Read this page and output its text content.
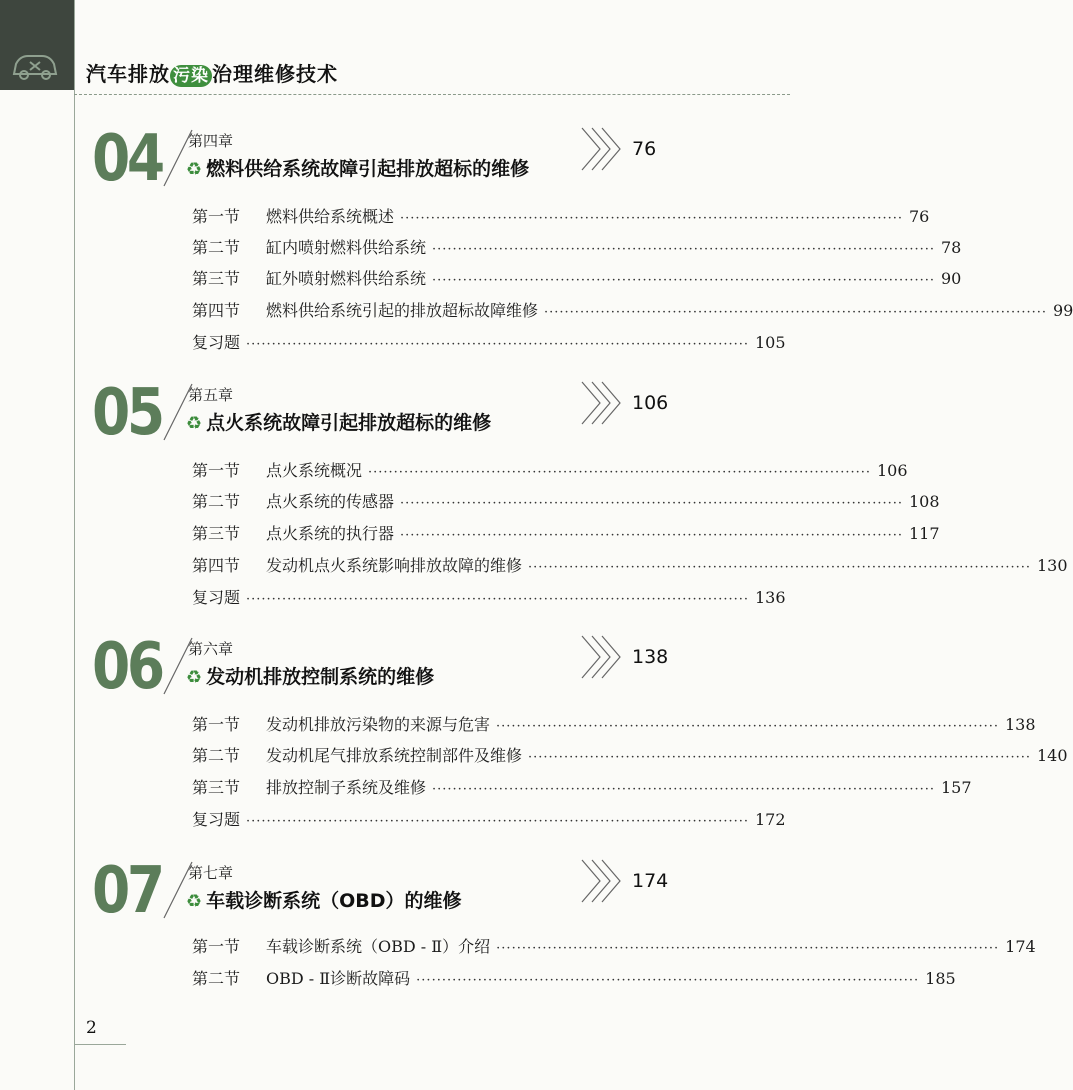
汽车排放 污染 治理维修技术
04 第四章
♻ 燃料供给系统故障引起排放超标的维修
76
第一节	燃料供给系统概述 ·································································································· 76
第二节	缸内喷射燃料供给系统 ·································································································· 78
第三节	缸外喷射燃料供给系统 ·································································································· 90
第四节	燃料供给系统引起的排放超标故障维修 ·································································································· 99
复习题 ·································································································· 105
05 第五章
♻ 点火系统故障引起排放超标的维修
106
第一节	点火系统概况 ·································································································· 106
第二节	点火系统的传感器 ·································································································· 108
第三节	点火系统的执行器 ·································································································· 117
第四节	发动机点火系统影响排放故障的维修 ·································································································· 130
复习题 ·································································································· 136
06 第六章
♻ 发动机排放控制系统的维修
138
第一节	发动机排放污染物的来源与危害 ·································································································· 138
第二节	发动机尾气排放系统控制部件及维修 ·································································································· 140
第三节	排放控制子系统及维修 ·································································································· 157
复习题 ·································································································· 172
07 第七章
♻ 车载诊断系统（OBD）的维修
174
第一节	车载诊断系统（OBD - Ⅱ）介绍 ·································································································· 174
第二节	OBD - Ⅱ诊断故障码 ·································································································· 185
2
